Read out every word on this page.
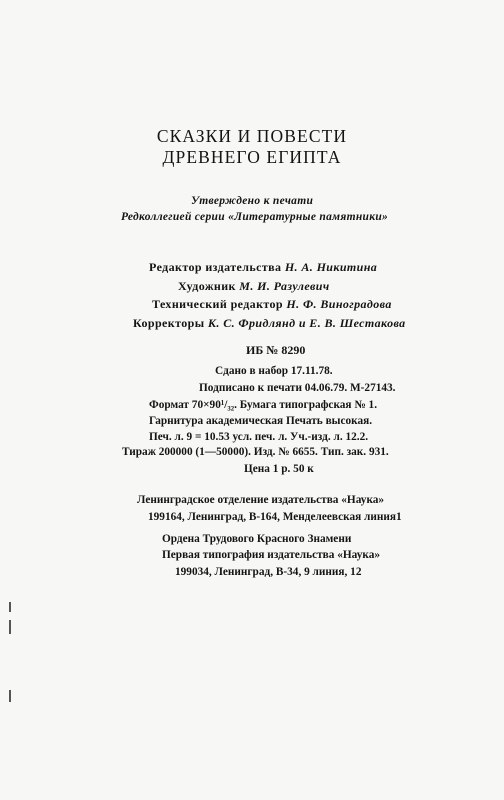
СКАЗКИ И ПОВЕСТИ
ДРЕВНЕГО ЕГИПТА
Утверждено к печати
Редколлегией серии «Литературные памятники»
Редактор издательства Н. А. Никитина
Художник М. И. Разулевич
Технический редактор Н. Ф. Виноградова
Корректоры К. С. Фридлянд и Е. В. Шестакова
ИБ № 8290
Сдано в набор 17.11.78.
Подписано к печати 04.06.79. М-27143.
Формат 70×90¹/₃₂. Бумага типографская № 1.
Гарнитура академическая Печать высокая.
Печ. л. 9 = 10.53 усл. печ. л. Уч.-изд. л. 12.2.
Тираж 200000 (1—50000). Изд. № 6655. Тип. зак. 931.
Цена 1 р. 50 к
Ленинградское отделение издательства «Наука»
199164, Ленинград, В-164, Менделеевская линия1
Ордена Трудового Красного Знамени
Первая типография издательства «Наука»
199034, Ленинград, В-34, 9 линия, 12
